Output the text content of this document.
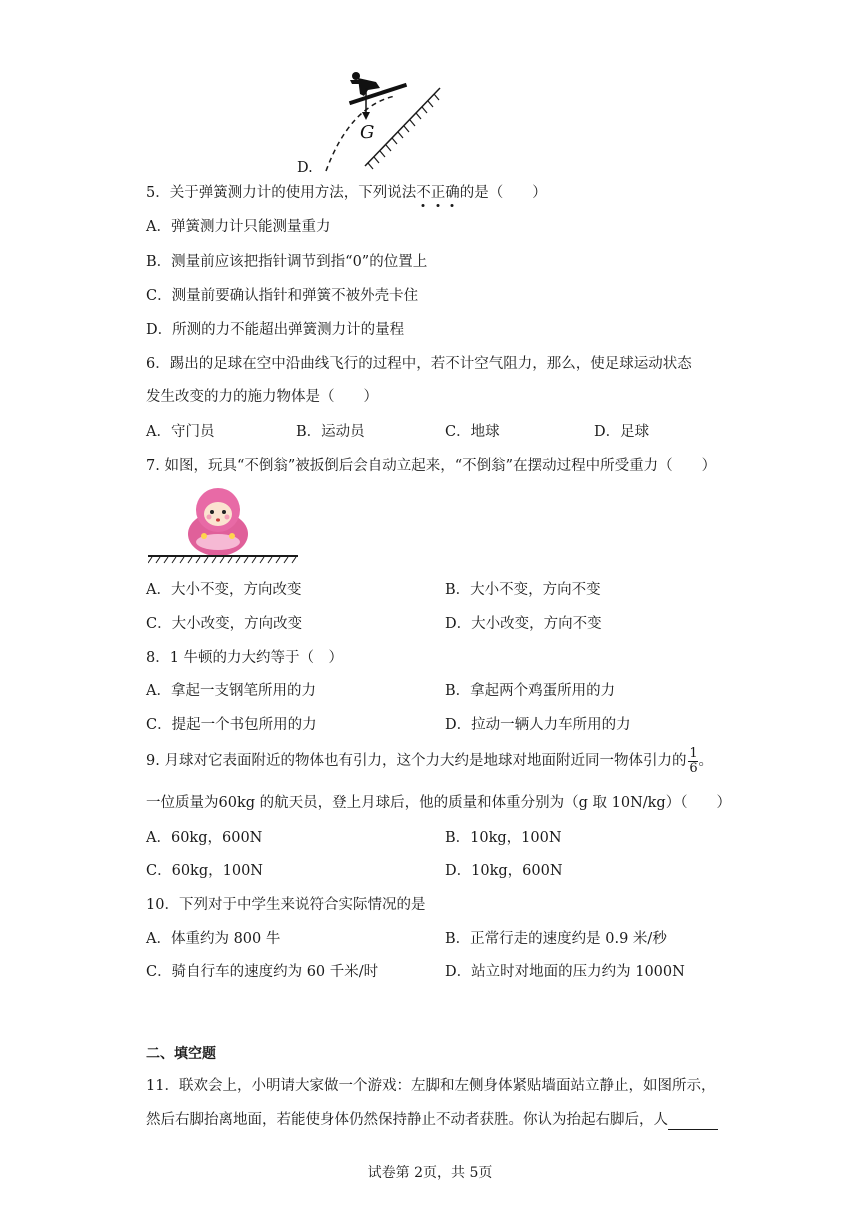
D.
G
5．关于弹簧测力计的使用方法，下列说法不正确的是（　　）
A．弹簧测力计只能测量重力
B．测量前应该把指针调节到指“0”的位置上
C．测量前要确认指针和弹簧不被外壳卡住
D．所测的力不能超出弹簧测力计的量程
6．踢出的足球在空中沿曲线飞行的过程中，若不计空气阻力，那么，使足球运动状态
发生改变的力的施力物体是（　　）
A．守门员	B．运动员	C．地球	D．足球
7. 如图，玩具“不倒翁”被扳倒后会自动立起来，“不倒翁”在摆动过程中所受重力（　　）
A．大小不变，方向改变	B．大小不变，方向不变
C．大小改变，方向改变	D．大小改变，方向不变
8．1 牛顿的力大约等于（　）
A．拿起一支钢笔所用的力	B．拿起两个鸡蛋所用的力
C．提起一个书包所用的力	D．拉动一辆人力车所用的力
9. 月球对它表面附近的物体也有引力，这个力大约是地球对地面附近同一物体引力的 $\frac{1}{6}$ 。
一位质量为60kg 的航天员，登上月球后，他的质量和体重分别为（g 取 10N/kg）（　　）
A．60kg，600N	B．10kg，100N
C．60kg，100N	D．10kg，600N
10．下列对于中学生来说符合实际情况的是
A．体重约为 800 牛	B．正常行走的速度约是 0.9 米/秒
C．骑自行车的速度约为 60 千米/时	D．站立时对地面的压力约为 1000N
二、填空题
11．联欢会上，小明请大家做一个游戏：左脚和左侧身体紧贴墙面站立静止，如图所示，
然后右脚抬离地面，若能使身体仍然保持静止不动者获胜。你认为抬起右脚后，人
试卷第 2页，共 5页
